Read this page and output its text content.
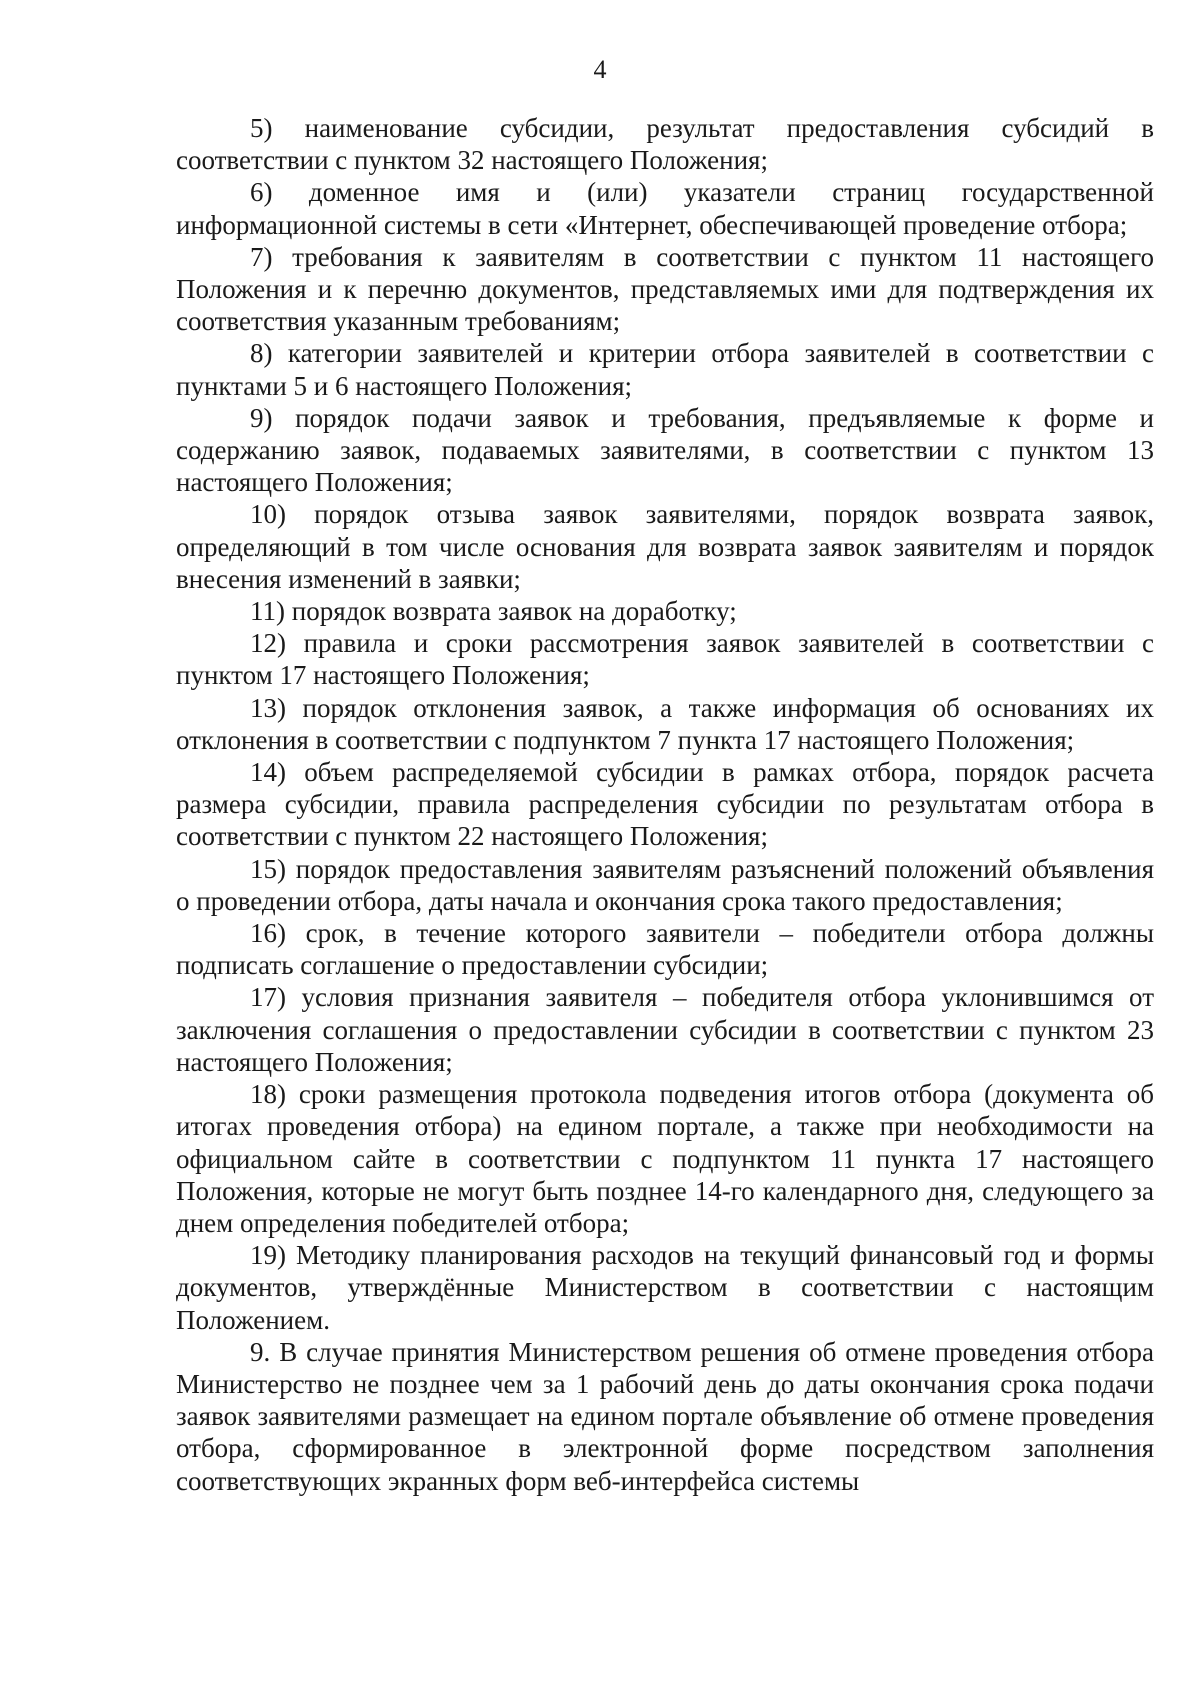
4

5) наименование субсидии, результат предоставления субсидий в соответствии с пунктом 32 настоящего Положения;

6) доменное имя и (или) указатели страниц государственной информационной системы в сети «Интернет, обеспечивающей проведение отбора;

7) требования к заявителям в соответствии с пунктом 11 настоящего Положения и к перечню документов, представляемых ими для подтверждения их соответствия указанным требованиям;

8) категории заявителей и критерии отбора заявителей в соответствии с пунктами 5 и 6 настоящего Положения;

9) порядок подачи заявок и требования, предъявляемые к форме и содержанию заявок, подаваемых заявителями, в соответствии с пунктом 13 настоящего Положения;

10) порядок отзыва заявок заявителями, порядок возврата заявок, определяющий в том числе основания для возврата заявок заявителям и порядок внесения изменений в заявки;

11) порядок возврата заявок на доработку;

12) правила и сроки рассмотрения заявок заявителей в соответствии с пунктом 17 настоящего Положения;

13) порядок отклонения заявок, а также информация об основаниях их отклонения в соответствии с подпунктом 7 пункта 17 настоящего Положения;

14) объем распределяемой субсидии в рамках отбора, порядок расчета размера субсидии, правила распределения субсидии по результатам отбора в соответствии с пунктом 22 настоящего Положения;

15) порядок предоставления заявителям разъяснений положений объявления о проведении отбора, даты начала и окончания срока такого предоставления;

16) срок, в течение которого заявители – победители отбора должны подписать соглашение о предоставлении субсидии;

17) условия признания заявителя – победителя отбора уклонившимся от заключения соглашения о предоставлении субсидии в соответствии с пунктом 23 настоящего Положения;

18) сроки размещения протокола подведения итогов отбора (документа об итогах проведения отбора) на едином портале, а также при необходимости на официальном сайте в соответствии с подпунктом 11 пункта 17 настоящего Положения, которые не могут быть позднее 14-го календарного дня, следующего за днем определения победителей отбора;

19) Методику планирования расходов на текущий финансовый год и формы документов, утверждённые Министерством в соответствии с настоящим Положением.

9. В случае принятия Министерством решения об отмене проведения отбора Министерство не позднее чем за 1 рабочий день до даты окончания срока подачи заявок заявителями размещает на едином портале объявление об отмене проведения отбора, сформированное в электронной форме посредством заполнения соответствующих экранных форм веб-интерфейса системы
